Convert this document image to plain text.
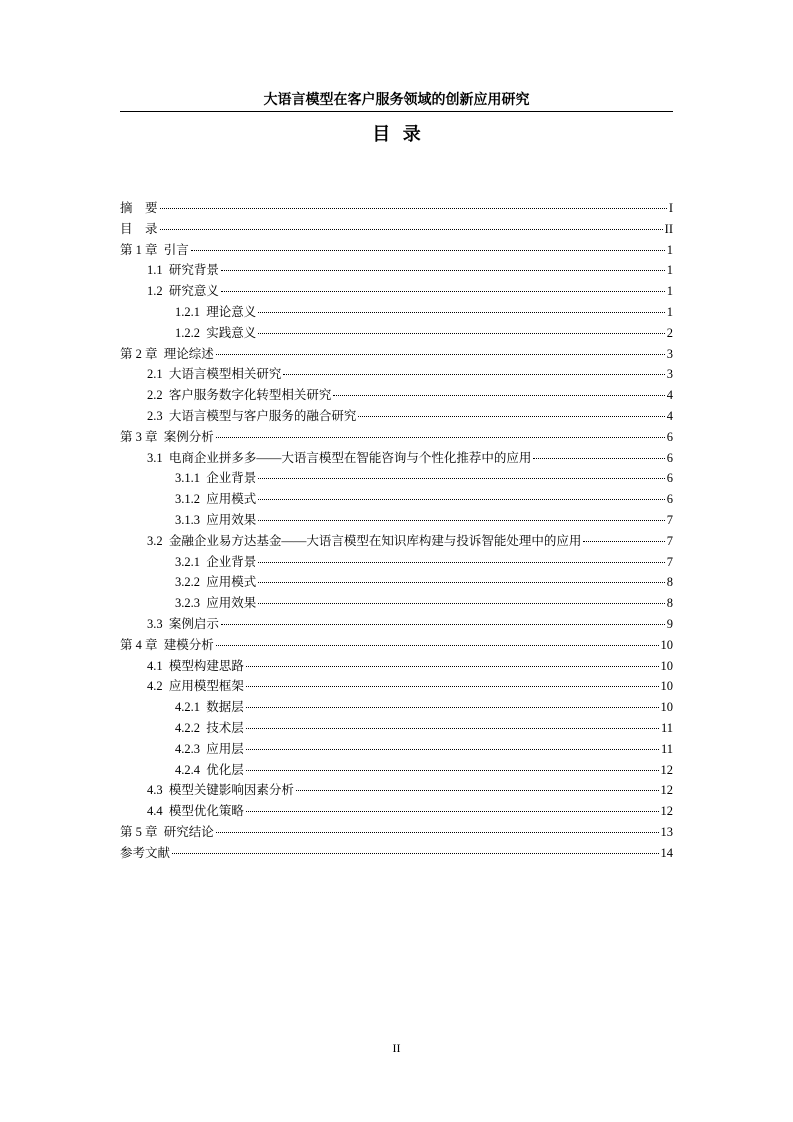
大语言模型在客户服务领域的创新应用研究
目  录
摘　要	I
目　录	II
第 1 章  引言	1
1.1  研究背景	1
1.2  研究意义	1
1.2.1  理论意义	1
1.2.2  实践意义	2
第 2 章  理论综述	3
2.1  大语言模型相关研究	3
2.2  客户服务数字化转型相关研究	4
2.3  大语言模型与客户服务的融合研究	4
第 3 章  案例分析	6
3.1  电商企业拼多多——大语言模型在智能咨询与个性化推荐中的应用	6
3.1.1  企业背景	6
3.1.2  应用模式	6
3.1.3  应用效果	7
3.2  金融企业易方达基金——大语言模型在知识库构建与投诉智能处理中的应用	7
3.2.1  企业背景	7
3.2.2  应用模式	8
3.2.3  应用效果	8
3.3  案例启示	9
第 4 章  建模分析	10
4.1  模型构建思路	10
4.2  应用模型框架	10
4.2.1  数据层	10
4.2.2  技术层	11
4.2.3  应用层	11
4.2.4  优化层	12
4.3  模型关键影响因素分析	12
4.4  模型优化策略	12
第 5 章  研究结论	13
参考文献	14
II
